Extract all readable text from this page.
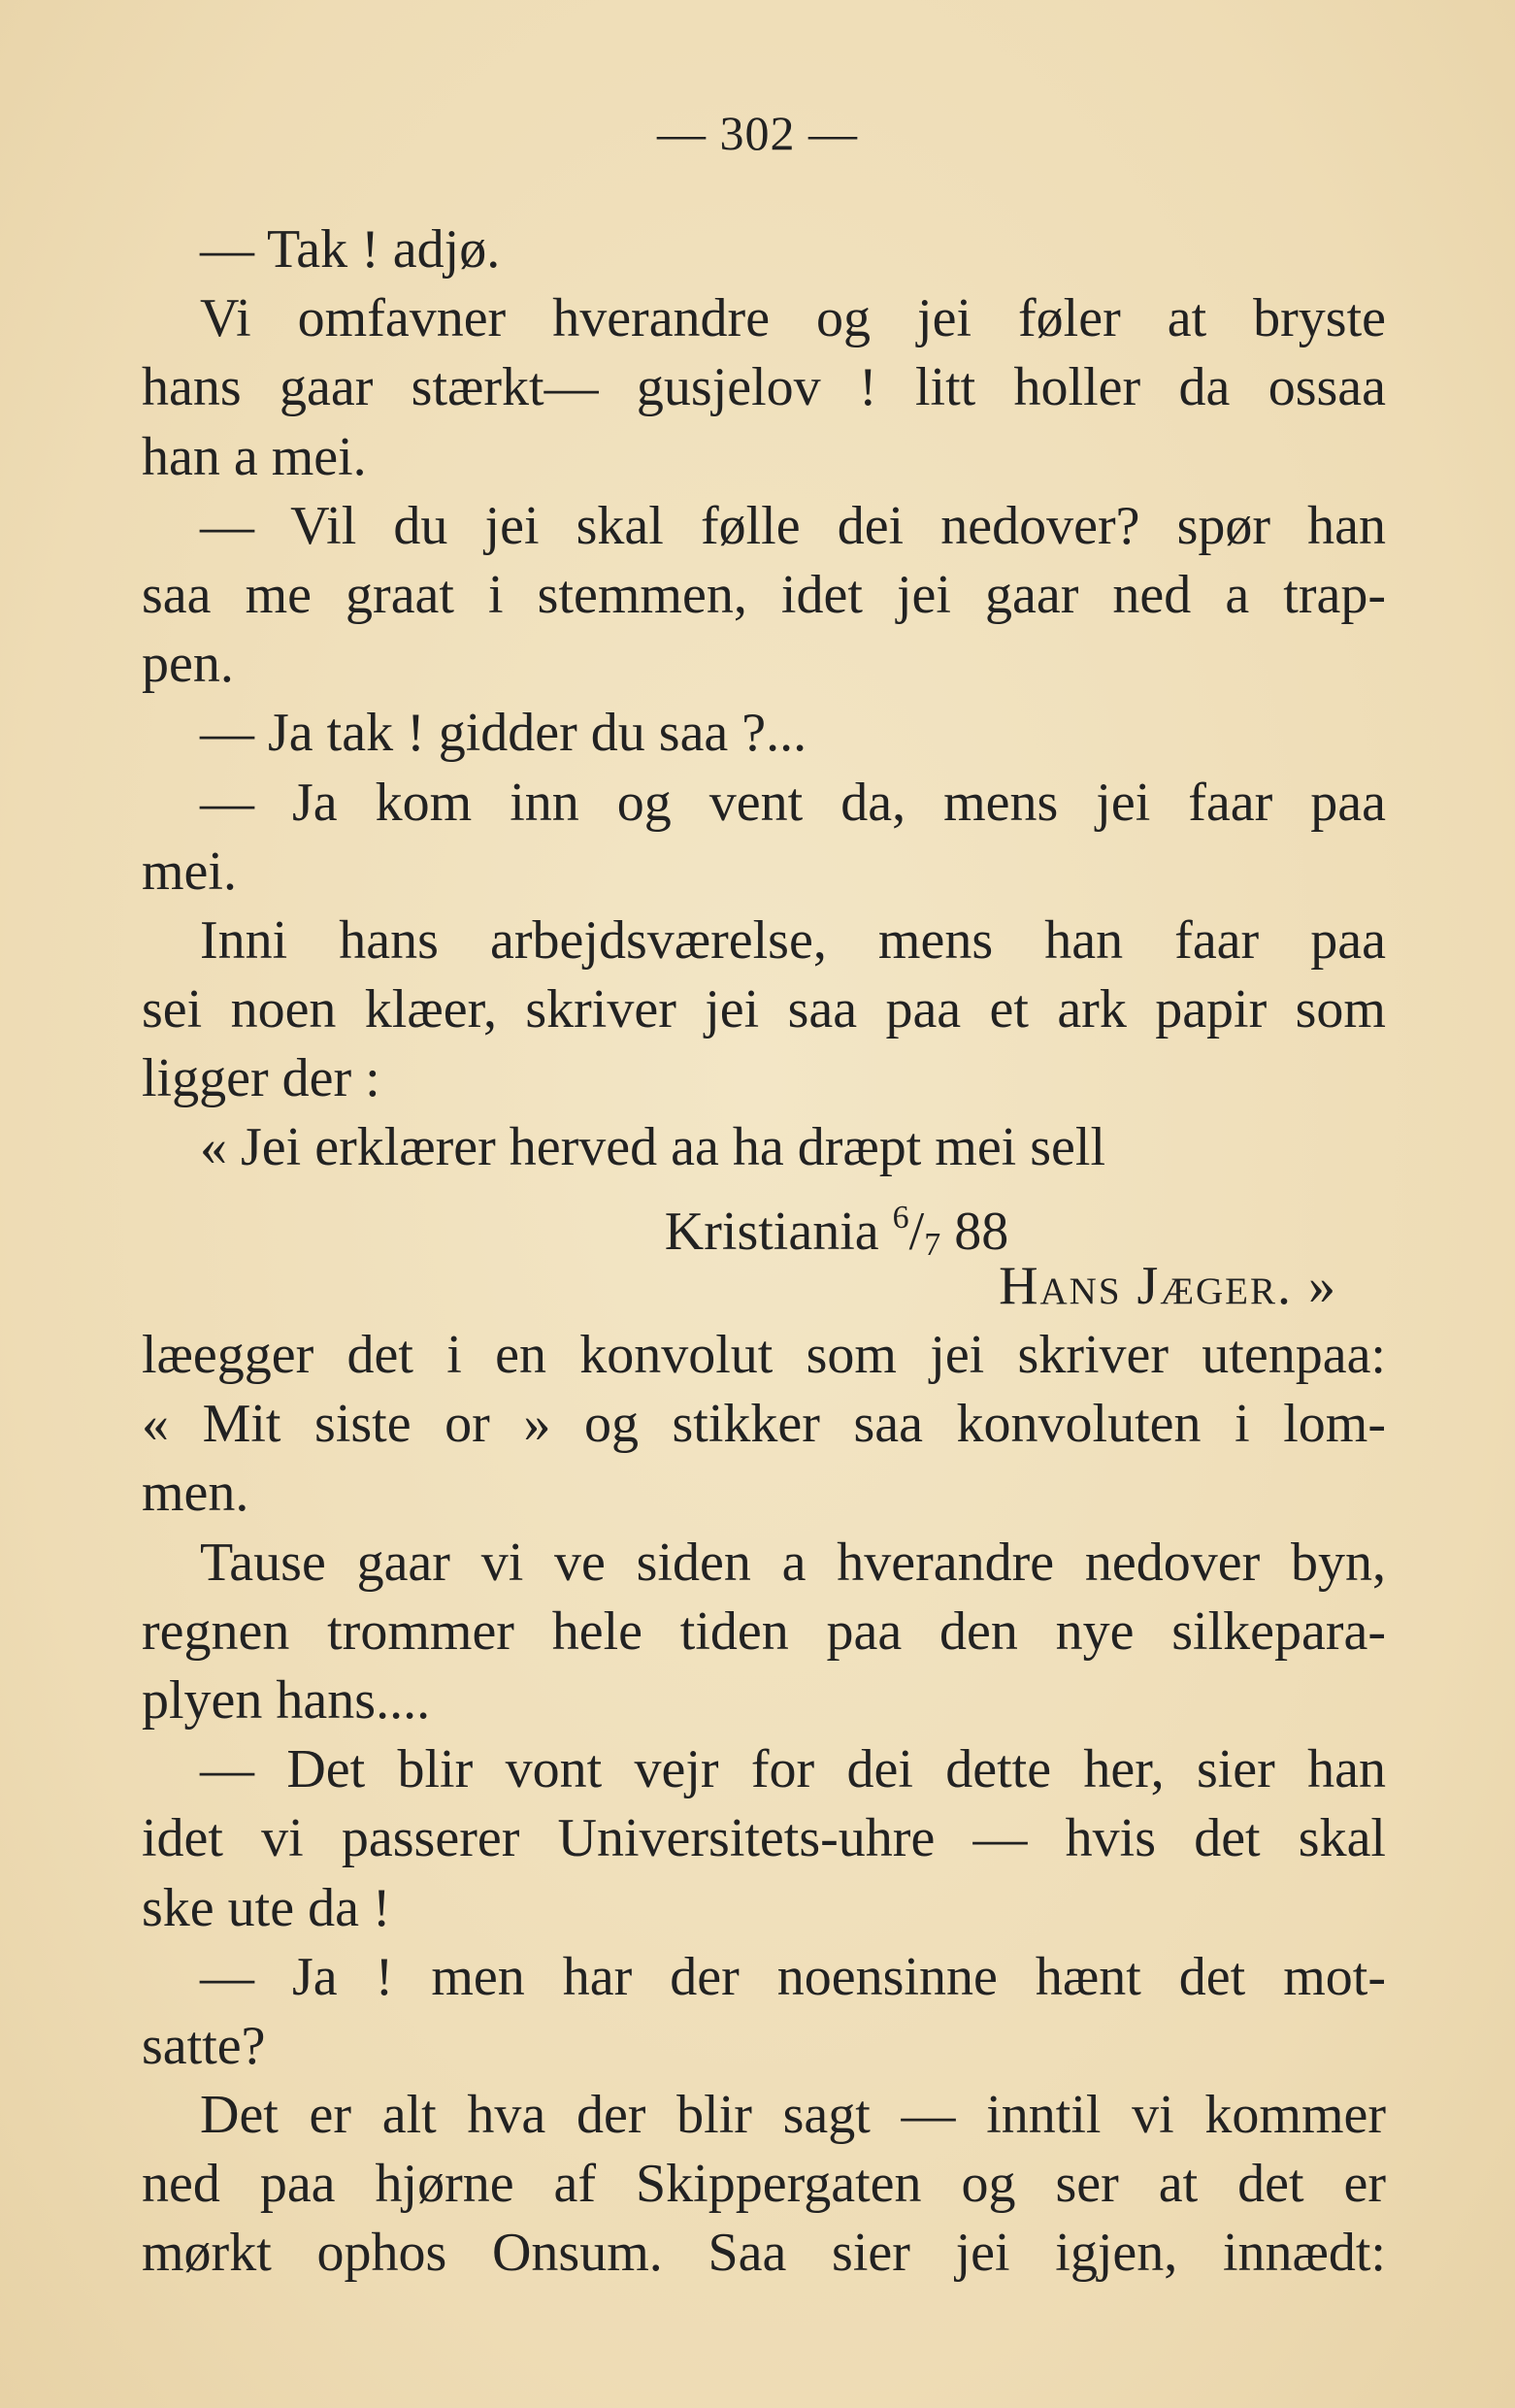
— 302 —
— Tak ! adjø.
Vi omfavner hverandre og jei føler at bryste
hans gaar stærkt— gusjelov ! litt holler da ossaa
han a mei.
— Vil du jei skal følle dei nedover? spør han
saa me graat i stemmen, idet jei gaar ned a trap-
pen.
— Ja tak ! gidder du saa ?...
— Ja kom inn og vent da, mens jei faar paa
mei.
Inni hans arbejdsværelse, mens han faar paa
sei noen klæer, skriver jei saa paa et ark papir som
ligger der :
« Jei erklærer herved aa ha dræpt mei sell
Kristiania $^6/_7$ 88
Hans Jæger. »
læegger det i en konvolut som jei skriver utenpaa:
« Mit siste or » og stikker saa konvoluten i lom-
men.
Tause gaar vi ve siden a hverandre nedover byn,
regnen trommer hele tiden paa den nye silkepara-
plyen hans....
— Det blir vont vejr for dei dette her, sier han
idet vi passerer Universitets-uhre — hvis det skal
ske ute da !
— Ja ! men har der noensinne hænt det mot-
satte?
Det er alt hva der blir sagt — inntil vi kommer
ned paa hjørne af Skippergaten og ser at det er
mørkt ophos Onsum. Saa sier jei igjen, innædt:
